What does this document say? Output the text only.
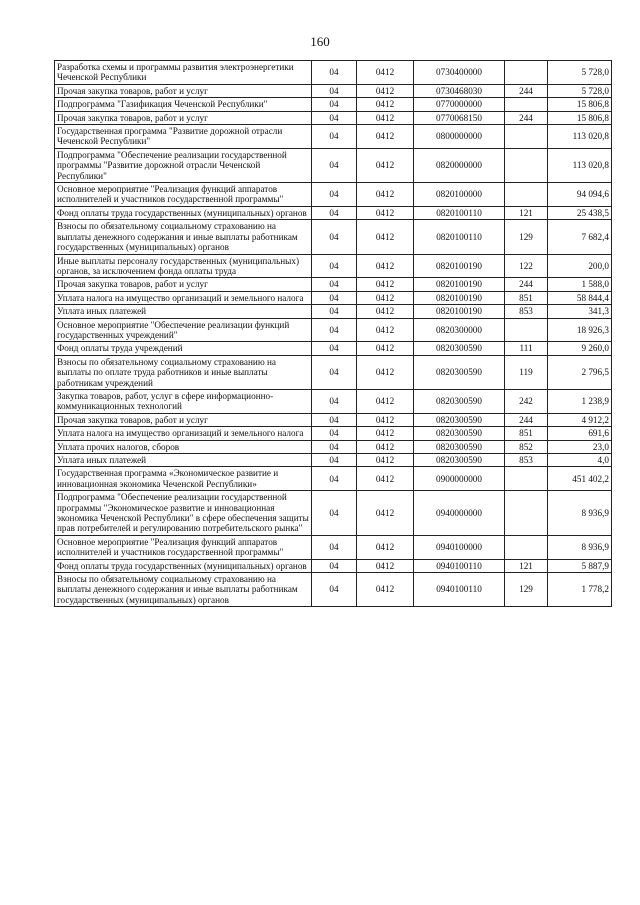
160
Разработка схемы и программы развития электроэнергетики Чеченской Республики	04	0412	0730400000		5 728,0
Прочая закупка товаров, работ и услуг	04	0412	0730468030	244	5 728,0
Подпрограмма "Газификация Чеченской Республики"	04	0412	0770000000		15 806,8
Прочая закупка товаров, работ и услуг	04	0412	0770068150	244	15 806,8
Государственная программа "Развитие дорожной отрасли Чеченской Республики"	04	0412	0800000000		113 020,8
Подпрограмма "Обеспечение реализации государственной программы "Развитие дорожной отрасли Чеченской Республики"	04	0412	0820000000		113 020,8
Основное мероприятие "Реализация функций аппаратов исполнителей и участников государственной программы"	04	0412	0820100000		94 094,6
Фонд оплаты труда государственных (муниципальных) органов	04	0412	0820100110	121	25 438,5
Взносы по обязательному социальному страхованию на выплаты денежного содержания и иные выплаты работникам государственных (муниципальных) органов	04	0412	0820100110	129	7 682,4
Иные выплаты персоналу государственных (муниципальных) органов, за исключением фонда оплаты труда	04	0412	0820100190	122	200,0
Прочая закупка товаров, работ и услуг	04	0412	0820100190	244	1 588,0
Уплата налога на имущество организаций и земельного налога	04	0412	0820100190	851	58 844,4
Уплата иных платежей	04	0412	0820100190	853	341,3
Основное мероприятие "Обеспечение реализации функций государственных учреждений"	04	0412	0820300000		18 926,3
Фонд оплаты труда учреждений	04	0412	0820300590	111	9 260,0
Взносы по обязательному социальному страхованию на выплаты по оплате труда работников и иные выплаты работникам учреждений	04	0412	0820300590	119	2 796,5
Закупка товаров, работ, услуг в сфере информационно-коммуникационных технологий	04	0412	0820300590	242	1 238,9
Прочая закупка товаров, работ и услуг	04	0412	0820300590	244	4 912,2
Уплата налога на имущество организаций и земельного налога	04	0412	0820300590	851	691,6
Уплата прочих налогов, сборов	04	0412	0820300590	852	23,0
Уплата иных платежей	04	0412	0820300590	853	4,0
Государственная программа «Экономическое развитие и инновационная экономика Чеченской Республики»	04	0412	0900000000		451 402,2
Подпрограмма "Обеспечение реализации государственной программы "Экономическое развитие и инновационная экономика Чеченской Республики" в сфере обеспечения защиты прав потребителей и регулированию потребительского рынка"	04	0412	0940000000		8 936,9
Основное мероприятие "Реализация функций аппаратов исполнителей и участников государственной программы"	04	0412	0940100000		8 936,9
Фонд оплаты труда государственных (муниципальных) органов	04	0412	0940100110	121	5 887,9
Взносы по обязательному социальному страхованию на выплаты денежного содержания и иные выплаты работникам государственных (муниципальных) органов	04	0412	0940100110	129	1 778,2
